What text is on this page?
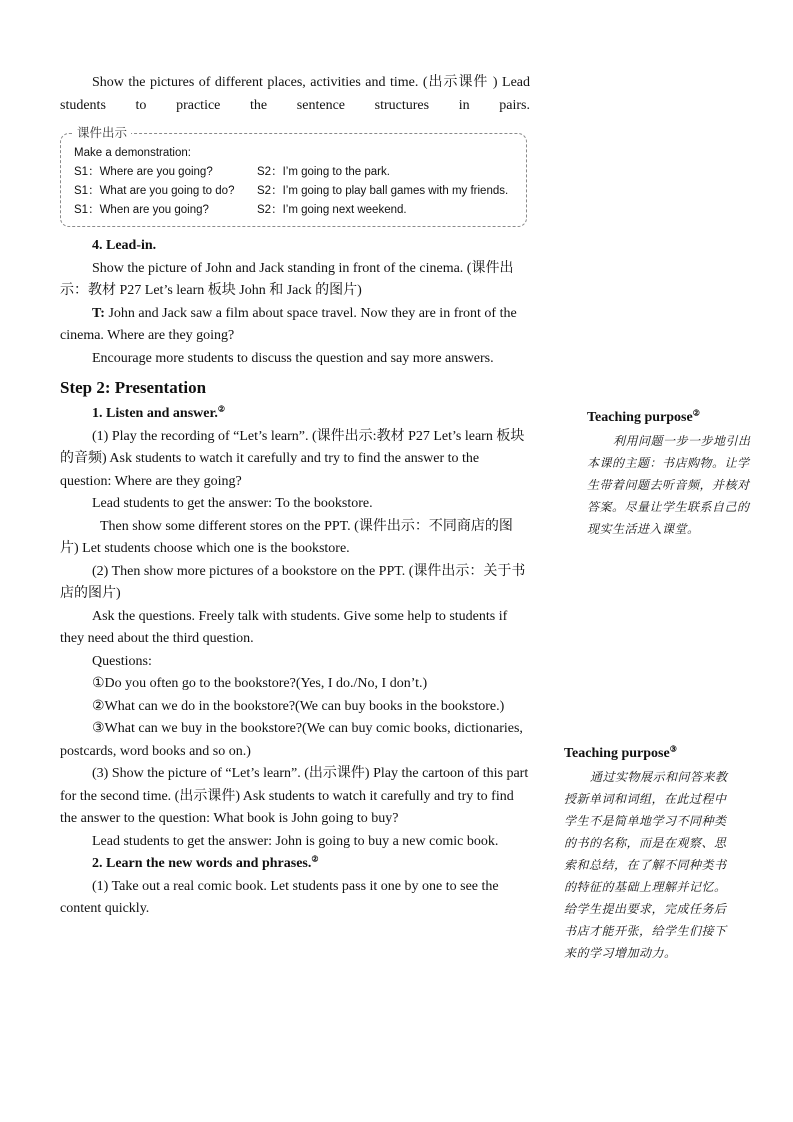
Show the pictures of different places, activities and time. (出示课件 ) Lead students to practice the sentence structures in pairs.

课件出示
Make a demonstration:
S1：Where are you going?	S2：I’m going to the park.
S1：What are you going to do?	S2：I’m going to play ball games with my friends.
S1：When are you going?	S2：I’m going next weekend.

4. Lead-in.

Show the picture of John and Jack standing in front of the cinema. (课件出示：教材 P27 Let’s learn 板块 John 和 Jack 的图片)

T: John and Jack saw a film about space travel. Now they are in front of the cinema. Where are they going?

Encourage more students to discuss the question and say more answers.

Step 2: Presentation

1. Listen and answer.②

(1) Play the recording of “Let’s learn”. (课件出示:教材 P27 Let’s learn 板块的音频) Ask students to watch it carefully and try to find the answer to the question: Where are they going?

Lead students to get the answer: To the bookstore.

Then show some different stores on the PPT. (课件出示：不同商店的图片) Let students choose which one is the bookstore.

(2) Then show more pictures of a bookstore on the PPT. (课件出示：关于书店的图片)

Ask the questions. Freely talk with students. Give some help to students if they need about the third question.

Questions:

①Do you often go to the bookstore?(Yes, I do./No, I don’t.)

②What can we do in the bookstore?(We can buy books in the bookstore.)

③What can we buy in the bookstore?(We can buy comic books, dictionaries, postcards, word books and so on.)

(3) Show the picture of “Let’s learn”. (出示课件) Play the cartoon of this part for the second time. (出示课件) Ask students to watch it carefully and try to find the answer to the question: What book is John going to buy?

Lead students to get the answer: John is going to buy a new comic book.

2. Learn the new words and phrases.②

(1) Take out a real comic book. Let students pass it one by one to see the content quickly.

Teaching purpose②
利用问题一步一步地引出本课的主题：书店购物。让学生带着问题去听音频，并核对答案。尽量让学生联系自己的现实生活进入课堂。
Teaching purpose③
通过实物展示和问答来教授新单词和词组，在此过程中学生不是简单地学习不同种类的书的名称，而是在观察、思索和总结，在了解不同种类书的特征的基础上理解并记忆。给学生提出要求，完成任务后书店才能开张，给学生们接下来的学习增加动力。
